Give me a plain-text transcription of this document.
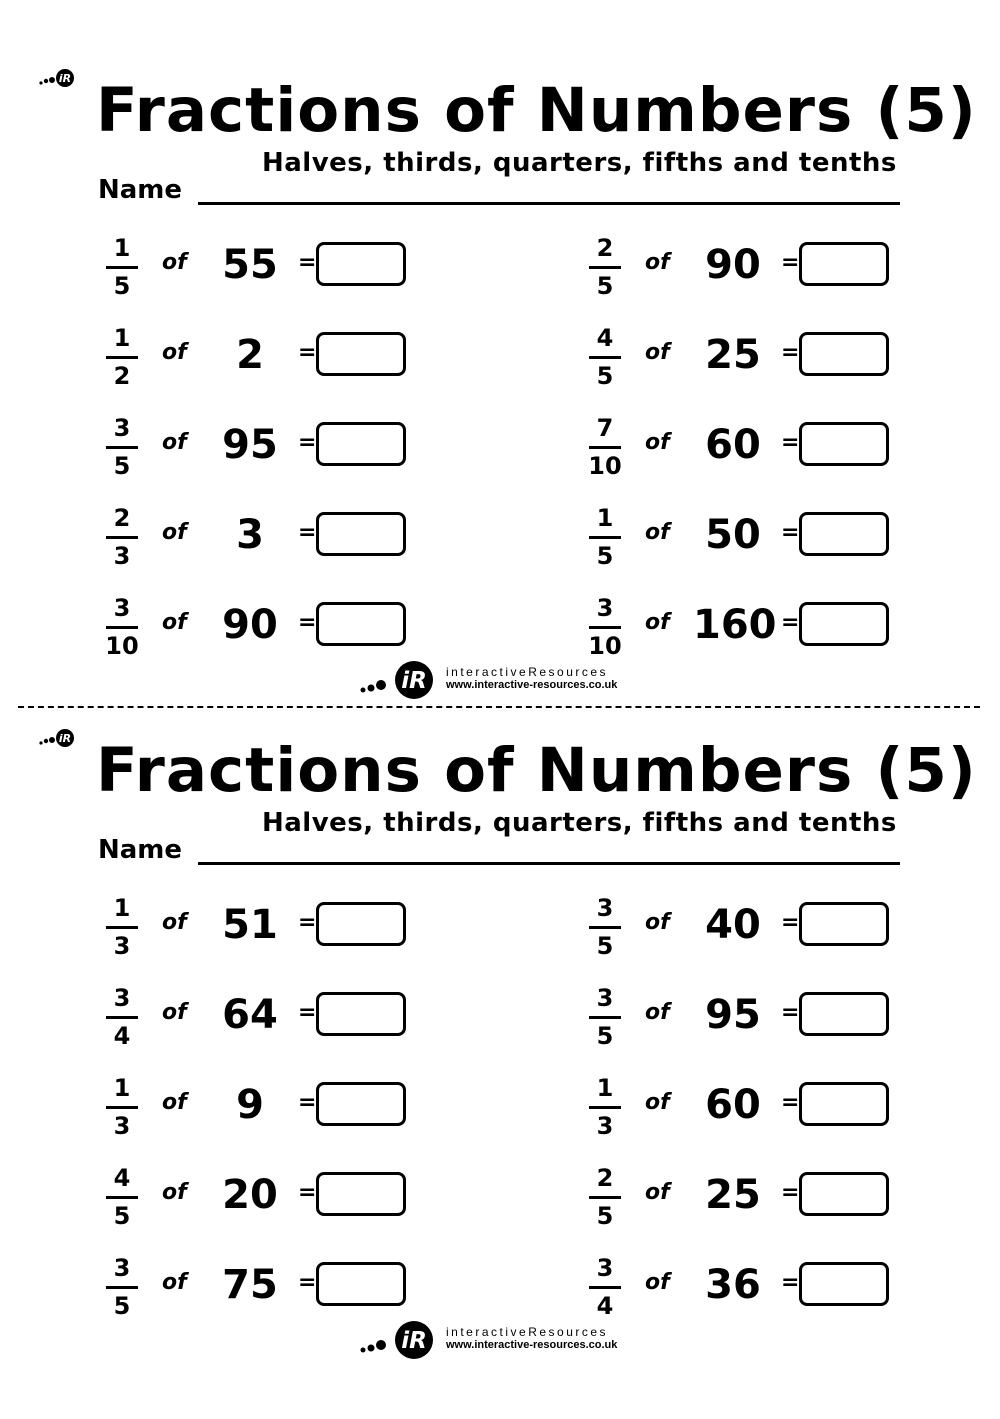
iR Fractions of Numbers (5)
Halves, thirds, quarters, fifths and tenths
Name
1
5
of 55 =
2
5
of 90 =
1
2
of	2	=
4
5
of 25 =
3
5
of 95 =
7
10
of 60 =
2
3
of	3	=
1
5
of 50 =
3
10
of 90 =
3
10
of 160 =
iR interactiveResources
www.interactive-resources.co.uk
iR Fractions of Numbers (5)
Halves, thirds, quarters, fifths and tenths
Name
1
3
of 51 =
3
5
of 40 =
3
4
of 64 =
3
5
of 95 =
1
3
of	9	=
1
3
of 60 =
4
5
of 20 =
2
5
of 25 =
3
5
of 75 =
3
4
of 36 =
iR interactiveResources
www.interactive-resources.co.uk
